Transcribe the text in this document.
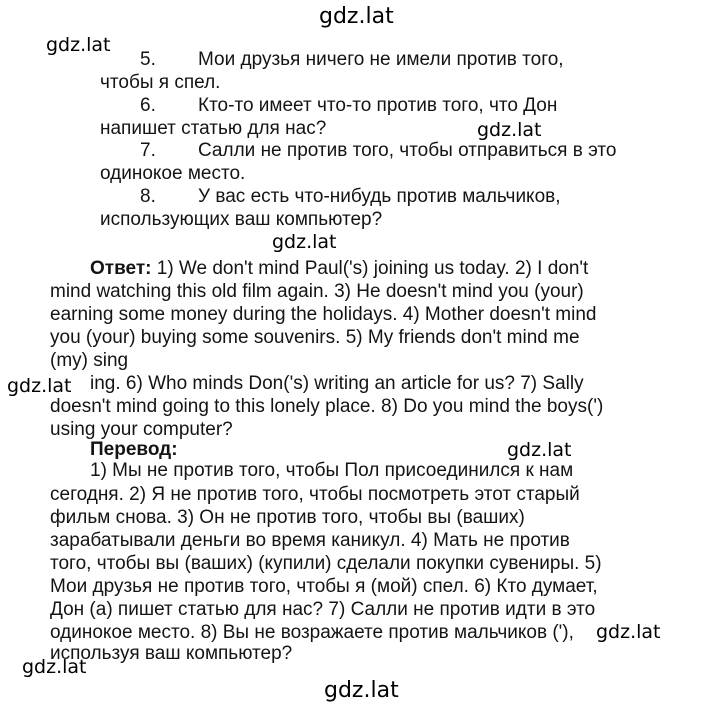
5. Мои друзья ничего не имели против того,
чтобы я спел.
6. Кто-то имеет что-то против того, что Дон
напишет статью для нас?
7. Салли не против того, чтобы отправиться в это
одинокое место.
8. У вас есть что-нибудь против мальчиков,
использующих ваш компьютер?
Ответ: 1) We don't mind Paul('s) joining us today. 2) I don't
mind watching this old film again. 3) He doesn't mind you (your)
earning some money during the holidays. 4) Mother doesn't mind
you (your) buying some souvenirs. 5) My friends don't mind me
(my) sing
ing. 6) Who minds Don('s) writing an article for us? 7) Sally
doesn't mind going to this lonely place. 8) Do you mind the boys(')
using your computer?
Перевод:
1) Мы не против того, чтобы Пол присоединился к нам
сегодня. 2) Я не против того, чтобы посмотреть этот старый
фильм снова. 3) Он не против того, чтобы вы (ваших)
зарабатывали деньги во время каникул. 4) Мать не против
того, чтобы вы (ваших) (купили) сделали покупки сувениры. 5)
Мои друзья не против того, чтобы я (мой) спел. 6) Кто думает,
Дон (а) пишет статью для нас? 7) Салли не против идти в это
одинокое место. 8) Вы не возражаете против мальчиков ('),
используя ваш компьютер?
gdz.lat
gdz.lat
gdz.lat
gdz.lat
gdz.lat
gdz.lat
gdz.lat
gdz.lat
gdz.lat
